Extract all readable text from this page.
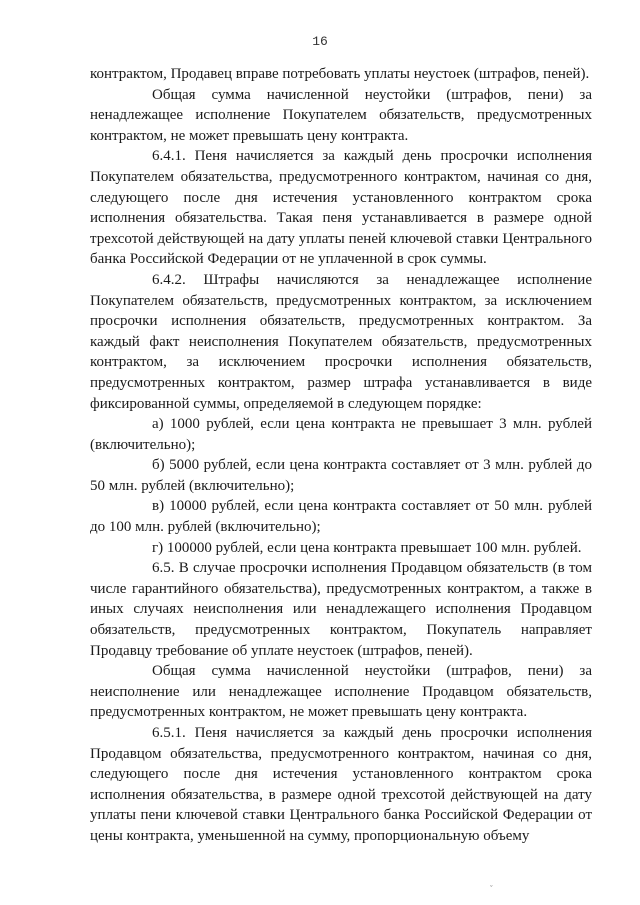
16

контрактом, Продавец вправе потребовать уплаты неустоек (штрафов, пеней).

Общая сумма начисленной неустойки (штрафов, пени) за ненадлежащее исполнение Покупателем обязательств, предусмотренных контрактом, не может превышать цену контракта.

6.4.1. Пеня начисляется за каждый день просрочки исполнения Покупателем обязательства, предусмотренного контрактом, начиная со дня, следующего после дня истечения установленного контрактом срока исполнения обязательства. Такая пеня устанавливается в размере одной трехсотой действующей на дату уплаты пеней ключевой ставки Центрального банка Российской Федерации от не уплаченной в срок суммы.

6.4.2. Штрафы начисляются за ненадлежащее исполнение Покупателем обязательств, предусмотренных контрактом, за исключением просрочки исполнения обязательств, предусмотренных контрактом. За каждый факт неисполнения Покупателем обязательств, предусмотренных контрактом, за исключением просрочки исполнения обязательств, предусмотренных контрактом, размер штрафа устанавливается в виде фиксированной суммы, определяемой в следующем порядке:

а) 1000 рублей, если цена контракта не превышает 3 млн. рублей (включительно);

б) 5000 рублей, если цена контракта составляет от 3 млн. рублей до 50 млн. рублей (включительно);

в) 10000 рублей, если цена контракта составляет от 50 млн. рублей до 100 млн. рублей (включительно);

г) 100000 рублей, если цена контракта превышает 100 млн. рублей.

6.5. В случае просрочки исполнения Продавцом обязательств (в том числе гарантийного обязательства), предусмотренных контрактом, а также в иных случаях неисполнения или ненадлежащего исполнения Продавцом обязательств, предусмотренных контрактом, Покупатель направляет Продавцу требование об уплате неустоек (штрафов, пеней).

Общая сумма начисленной неустойки (штрафов, пени) за неисполнение или ненадлежащее исполнение Продавцом обязательств, предусмотренных контрактом, не может превышать цену контракта.

6.5.1. Пеня начисляется за каждый день просрочки исполнения Продавцом обязательства, предусмотренного контрактом, начиная со дня, следующего после дня истечения установленного контрактом срока исполнения обязательства, в размере одной трехсотой действующей на дату уплаты пени ключевой ставки Центрального банка Российской Федерации от цены контракта, уменьшенной на сумму, пропорциональную объему

ˇ
